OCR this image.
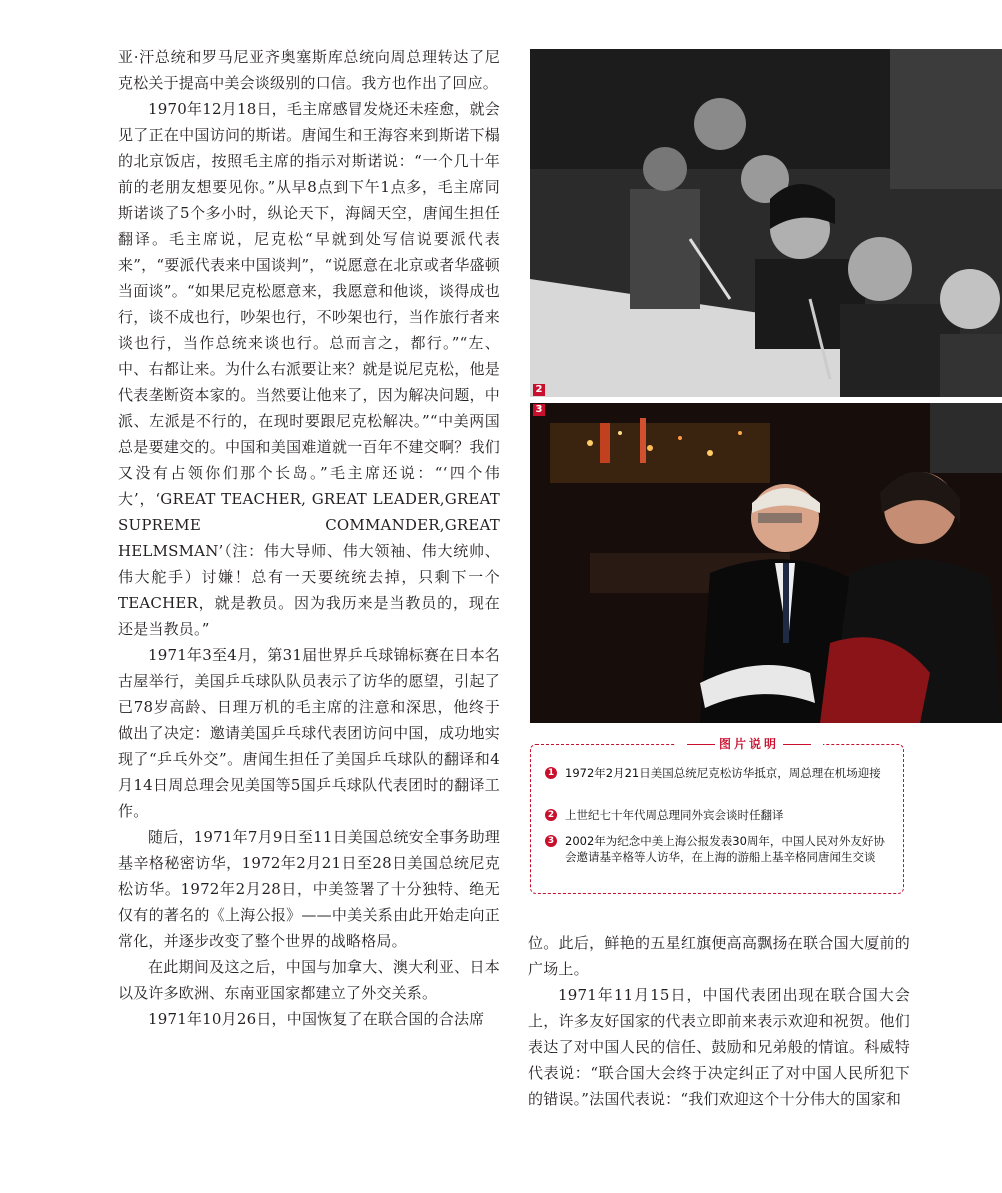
亚·汗总统和罗马尼亚齐奥塞斯库总统向周总理转达了尼克松关于提高中美会谈级别的口信。我方也作出了回应。

1970年12月18日，毛主席感冒发烧还未痊愈，就会见了正在中国访问的斯诺。唐闻生和王海容来到斯诺下榻的北京饭店，按照毛主席的指示对斯诺说：“一个几十年前的老朋友想要见你。”从早8点到下午1点多，毛主席同斯诺谈了5个多小时，纵论天下，海阔天空，唐闻生担任翻译。毛主席说，尼克松“早就到处写信说要派代表来”，“要派代表来中国谈判”，“说愿意在北京或者华盛顿当面谈”。“如果尼克松愿意来，我愿意和他谈，谈得成也行，谈不成也行，吵架也行，不吵架也行，当作旅行者来谈也行，当作总统来谈也行。总而言之，都行。”“左、中、右都让来。为什么右派要让来？就是说尼克松，他是代表垄断资本家的。当然要让他来了，因为解决问题，中派、左派是不行的，在现时要跟尼克松解决。”“中美两国总是要建交的。中国和美国难道就一百年不建交啊？我们又没有占领你们那个长岛。”毛主席还说：“‘四个伟大’，‘GREAT TEACHER, GREAT LEADER,GREAT SUPREME COMMANDER,GREAT HELMSMAN’（注：伟大导师、伟大领袖、伟大统帅、伟大舵手）讨嫌！总有一天要统统去掉，只剩下一个TEACHER，就是教员。因为我历来是当教员的，现在还是当教员。”

1971年3至4月，第31届世界乒乓球锦标赛在日本名古屋举行，美国乒乓球队队员表示了访华的愿望，引起了已78岁高龄、日理万机的毛主席的注意和深思，他终于做出了决定：邀请美国乒乓球代表团访问中国，成功地实现了“乒乓外交”。唐闻生担任了美国乒乓球队的翻译和4月14日周总理会见美国等5国乒乓球队代表团时的翻译工作。

随后，1971年7月9日至11日美国总统安全事务助理基辛格秘密访华，1972年2月21日至28日美国总统尼克松访华。1972年2月28日，中美签署了十分独特、绝无仅有的著名的《上海公报》——中美关系由此开始走向正常化，并逐步改变了整个世界的战略格局。

在此期间及这之后，中国与加拿大、澳大利亚、日本以及许多欧洲、东南亚国家都建立了外交关系。

1971年10月26日，中国恢复了在联合国的合法席

2
3
图片说明
1 1972年2月21日美国总统尼克松访华抵京，周总理在机场迎接
2 上世纪七十年代周总理同外宾会谈时任翻译
3 2002年为纪念中美上海公报发表30周年，中国人民对外友好协会邀请基辛格等人访华，在上海的游船上基辛格同唐闻生交谈

位。此后，鲜艳的五星红旗便高高飘扬在联合国大厦前的广场上。

1971年11月15日，中国代表团出现在联合国大会上，许多友好国家的代表立即前来表示欢迎和祝贺。他们表达了对中国人民的信任、鼓励和兄弟般的情谊。科威特代表说：“联合国大会终于决定纠正了对中国人民所犯下的错误。”法国代表说：“我们欢迎这个十分伟大的国家和
